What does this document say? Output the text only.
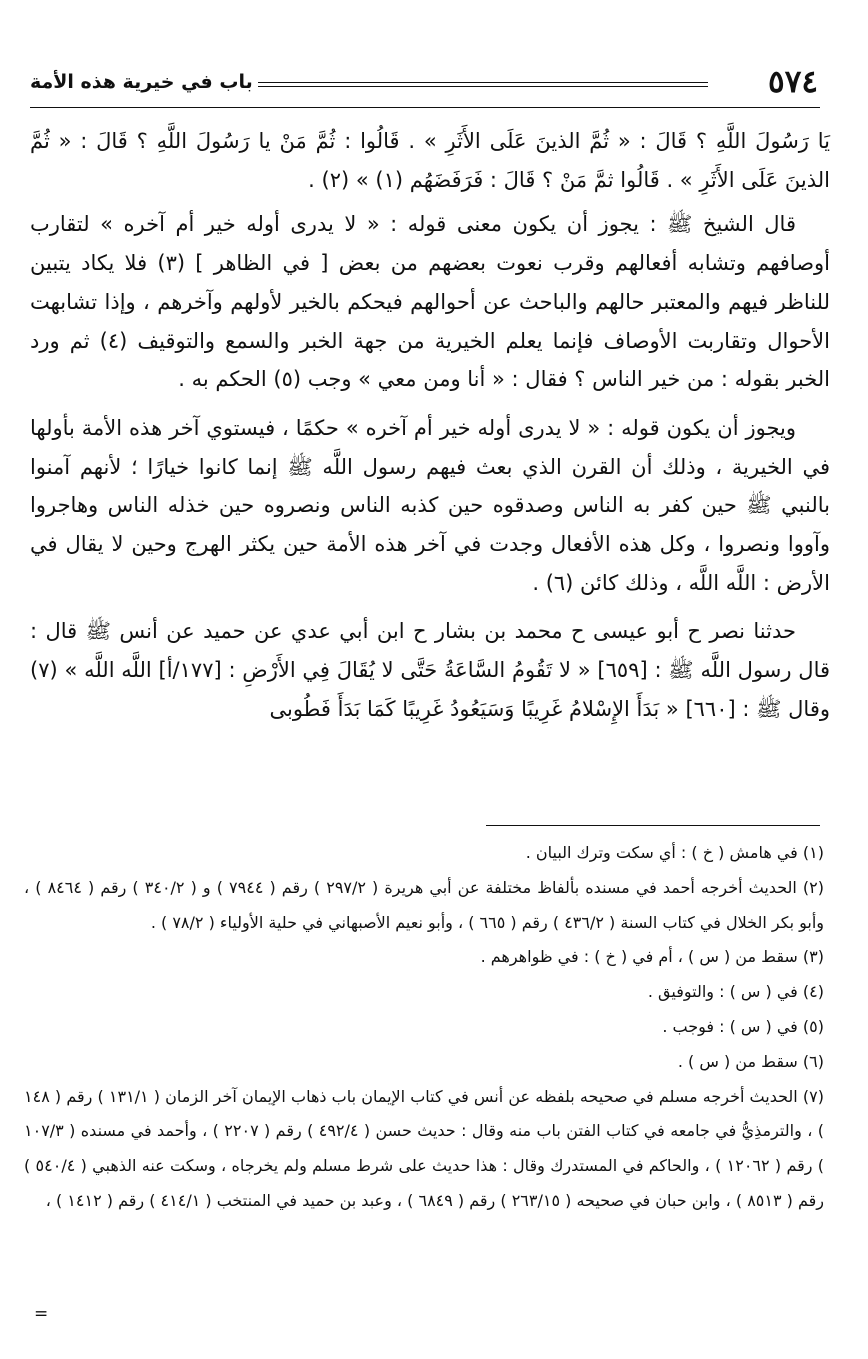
٥٧٤
باب في خيرية هذه الأمة

يَا رَسُولَ اللَّهِ ؟ قَالَ : « ثُمَّ الذينَ عَلَى الأَثَرِ » . قَالُوا : ثُمَّ مَنْ يا رَسُولَ اللَّهِ ؟ قَالَ : « ثُمَّ الذينَ عَلَى الأَثَرِ » . قَالُوا ثمَّ مَنْ ؟ قَالَ : فَرَفَضَهُم (١) » (٢) .

قال الشيخ ﷺ : يجوز أن يكون معنى قوله : « لا يدرى أوله خير أم آخره » لتقارب أوصافهم وتشابه أفعالهم وقرب نعوت بعضهم من بعض [ في الظاهر ] (٣) فلا يكاد يتبين للناظر فيهم والمعتبر حالهم والباحث عن أحوالهم فيحكم بالخير لأولهم وآخرهم ، وإذا تشابهت الأحوال وتقاربت الأوصاف فإنما يعلم الخيرية من جهة الخبر والسمع والتوقيف (٤) ثم ورد الخبر بقوله : من خير الناس ؟ فقال : « أنا ومن معي » وجب (٥) الحكم به .

ويجوز أن يكون قوله : « لا يدرى أوله خير أم آخره » حكمًا ، فيستوي آخر هذه الأمة بأولها في الخيرية ، وذلك أن القرن الذي بعث فيهم رسول اللَّه ﷺ إنما كانوا خيارًا ؛ لأنهم آمنوا بالنبي ﷺ حين كفر به الناس وصدقوه حين كذبه الناس ونصروه حين خذله الناس وهاجروا وآووا ونصروا ، وكل هذه الأفعال وجدت في آخر هذه الأمة حين يكثر الهرج وحين لا يقال في الأرض : اللَّه اللَّه ، وذلك كائن (٦) .

حدثنا نصر ح أبو عيسى ح محمد بن بشار ح ابن أبي عدي عن حميد عن أنس ﷺ قال : قال رسول اللَّه ﷺ : [٦٥٩] « لا تَقُومُ السَّاعَةُ حَتَّى لا يُقَالَ فِي الأَرْضِ : [١٧٧/أ] اللَّه اللَّه » (٧) وقال ﷺ : [٦٦٠] « بَدَأَ الإِسْلامُ غَرِيبًا وَسَيَعُودُ غَرِيبًا كَمَا بَدَأَ فَطُوبى

(١) في هامش ( خ ) : أي سكت وترك البيان .

(٢) الحديث أخرجه أحمد في مسنده بألفاظ مختلفة عن أبي هريرة ( ٢٩٧/٢ ) رقم ( ٧٩٤٤ ) و ( ٣٤٠/٢ ) رقم ( ٨٤٦٤ ) ، وأبو بكر الخلال في كتاب السنة ( ٤٣٦/٢ ) رقم ( ٦٦٥ ) ، وأبو نعيم الأصبهاني في حلية الأولياء ( ٧٨/٢ ) .

(٣) سقط من ( س ) ، أم في ( خ ) : في ظواهرهم .

(٤) في ( س ) : والتوفيق .

(٥) في ( س ) : فوجب .

(٦) سقط من ( س ) .

(٧) الحديث أخرجه مسلم في صحيحه بلفظه عن أنس في كتاب الإيمان باب ذهاب الإيمان آخر الزمان ( ١٣١/١ ) رقم ( ١٤٨ ) ، والترمذِيُّ في جامعه في كتاب الفتن باب منه وقال : حديث حسن ( ٤٩٢/٤ ) رقم ( ٢٢٠٧ ) ، وأحمد في مسنده ( ١٠٧/٣ ) رقم ( ١٢٠٦٢ ) ، والحاكم في المستدرك وقال : هذا حديث على شرط مسلم ولم يخرجاه ، وسكت عنه الذهبي ( ٥٤٠/٤ ) رقم ( ٨٥١٣ ) ، وابن حبان في صحيحه ( ٢٦٣/١٥ ) رقم ( ٦٨٤٩ ) ، وعبد بن حميد في المنتخب ( ٤١٤/١ ) رقم ( ١٤١٢ ) ،

=
